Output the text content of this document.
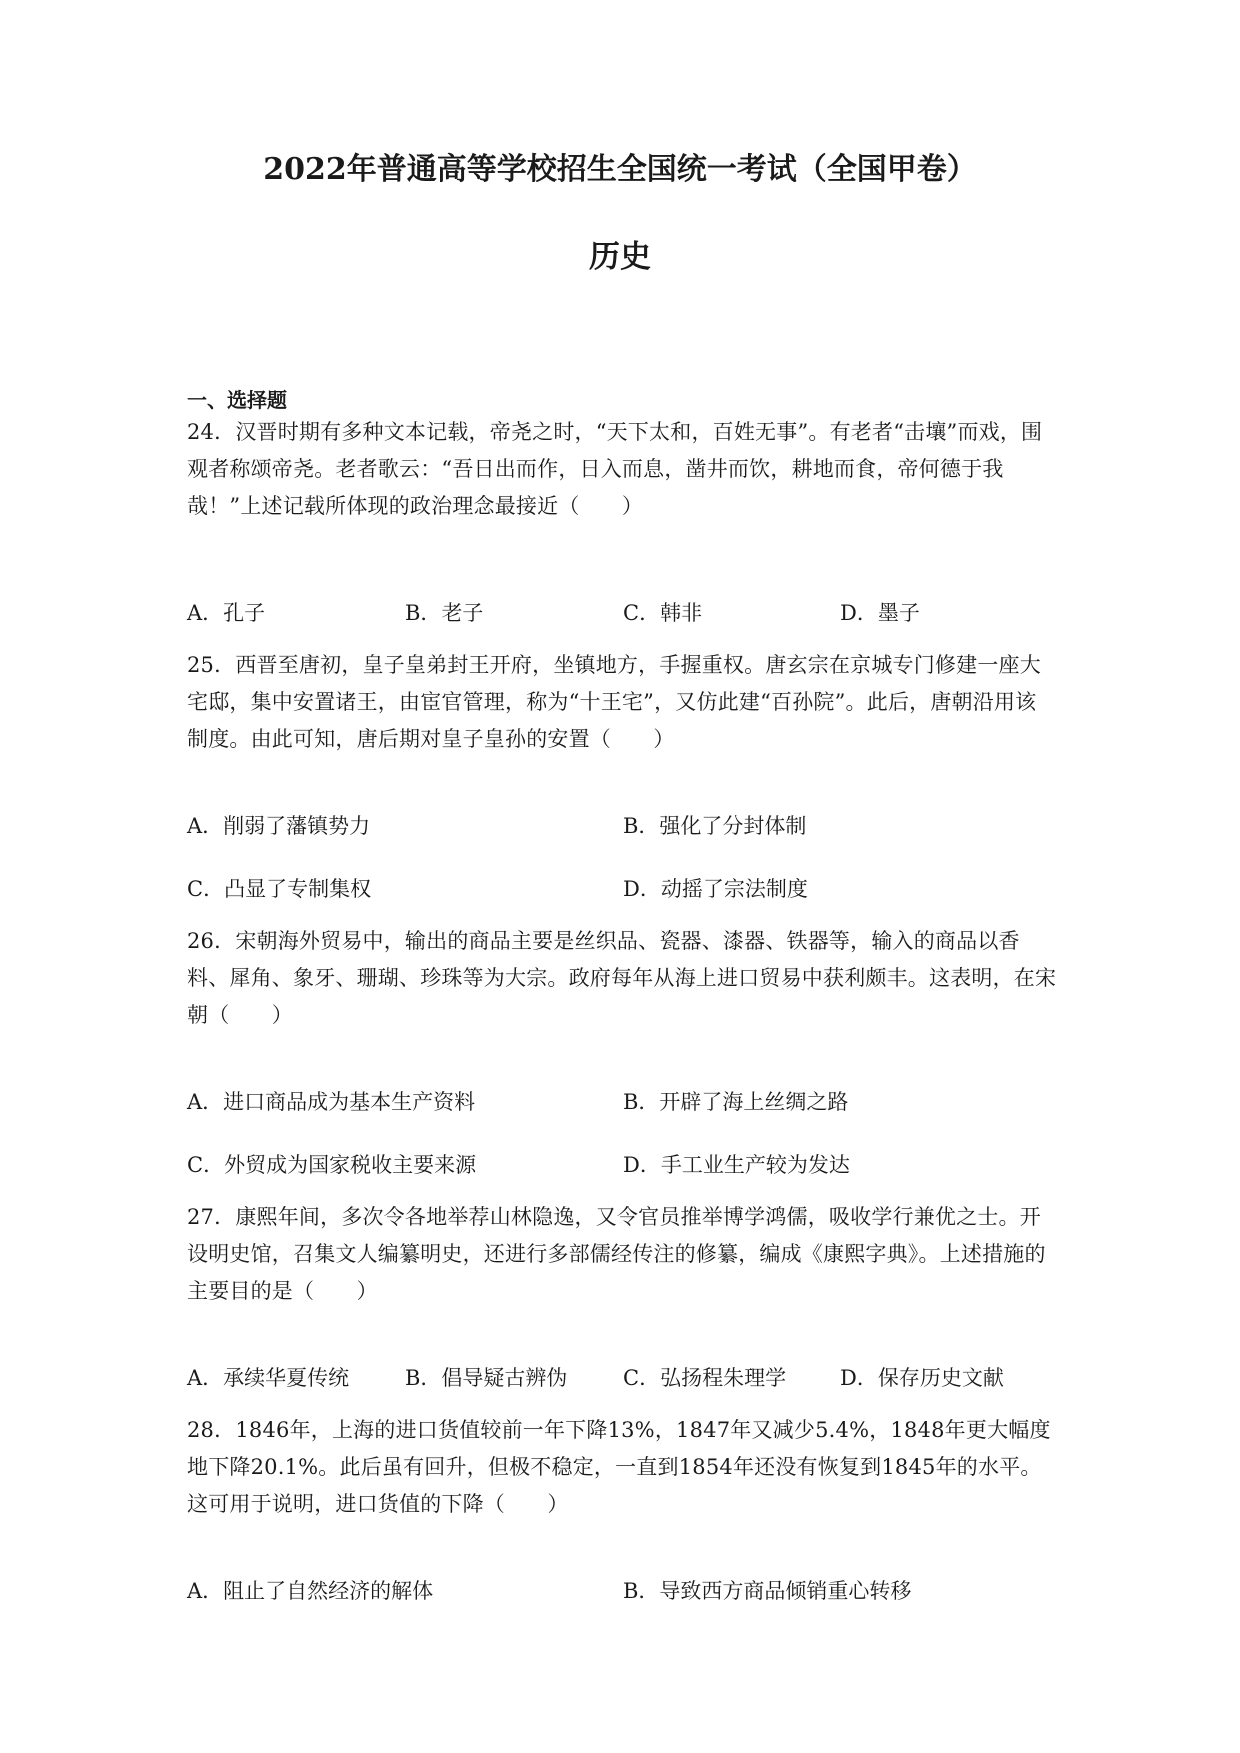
2022年普通高等学校招生全国统一考试（全国甲卷）
历史
一、选择题
24．汉晋时期有多种文本记载，帝尧之时，“天下太和，百姓无事”。有老者“击壤”而戏，围观者称颂帝尧。老者歌云：“吾日出而作，日入而息，凿井而饮，耕地而食，帝何德于我哉！”上述记载所体现的政治理念最接近（　　）
A．孔子	B．老子	C．韩非	D．墨子
25．西晋至唐初，皇子皇弟封王开府，坐镇地方，手握重权。唐玄宗在京城专门修建一座大宅邸，集中安置诸王，由宦官管理，称为“十王宅”，又仿此建“百孙院”。此后，唐朝沿用该制度。由此可知，唐后期对皇子皇孙的安置（　　）
A．削弱了藩镇势力	B．强化了分封体制
C．凸显了专制集权	D．动摇了宗法制度
26．宋朝海外贸易中，输出的商品主要是丝织品、瓷器、漆器、铁器等，输入的商品以香料、犀角、象牙、珊瑚、珍珠等为大宗。政府每年从海上进口贸易中获利颇丰。这表明，在宋朝（　　）
A．进口商品成为基本生产资料	B．开辟了海上丝绸之路
C．外贸成为国家税收主要来源	D．手工业生产较为发达
27．康熙年间，多次令各地举荐山林隐逸，又令官员推举博学鸿儒，吸收学行兼优之士。开设明史馆，召集文人编纂明史，还进行多部儒经传注的修纂，编成《康熙字典》。上述措施的主要目的是（　　）
A．承续华夏传统	B．倡导疑古辨伪	C．弘扬程朱理学	D．保存历史文献
28．1846年，上海的进口货值较前一年下降13%，1847年又减少5.4%，1848年更大幅度地下降20.1%。此后虽有回升，但极不稳定，一直到1854年还没有恢复到1845年的水平。这可用于说明，进口货值的下降（　　）
A．阻止了自然经济的解体	B．导致西方商品倾销重心转移
